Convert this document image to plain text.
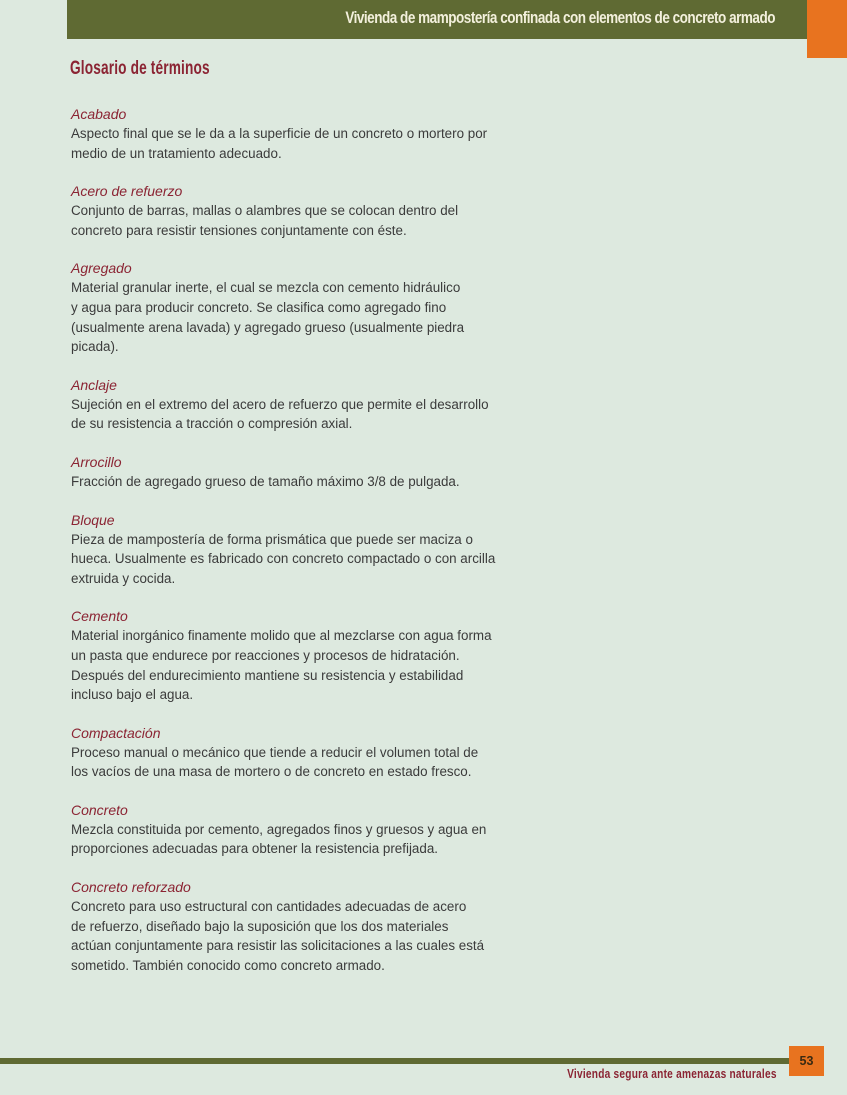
Vivienda de mampostería confinada con elementos de concreto armado
Glosario de términos

Acabado

Aspecto final que se le da a la superficie de un concreto o mortero por
medio de un tratamiento adecuado.

Acero de refuerzo

Conjunto de barras, mallas o alambres que se colocan dentro del
concreto para resistir tensiones conjuntamente con éste.

Agregado

Material granular inerte, el cual se mezcla con cemento hidráulico
y agua para producir concreto. Se clasifica como agregado fino
(usualmente arena lavada) y agregado grueso (usualmente piedra
picada).

Anclaje

Sujeción en el extremo del acero de refuerzo que permite el desarrollo
de su resistencia a tracción o compresión axial.

Arrocillo

Fracción de agregado grueso de tamaño máximo 3/8 de pulgada.

Bloque

Pieza de mampostería de forma prismática que puede ser maciza o
hueca. Usualmente es fabricado con concreto compactado o con arcilla
extruida y cocida.

Cemento

Material inorgánico finamente molido que al mezclarse con agua forma
un pasta que endurece por reacciones y procesos de hidratación.
Después del endurecimiento mantiene su resistencia y estabilidad
incluso bajo el agua.

Compactación

Proceso manual o mecánico que tiende a reducir el volumen total de
los vacíos de una masa de mortero o de concreto en estado fresco.

Concreto

Mezcla constituida por cemento, agregados finos y gruesos y agua en
proporciones adecuadas para obtener la resistencia prefijada.

Concreto reforzado

Concreto para uso estructural con cantidades adecuadas de acero
de refuerzo, diseñado bajo la suposición que los dos materiales
actúan conjuntamente para resistir las solicitaciones a las cuales está
sometido. También conocido como concreto armado.

Vivienda segura ante amenazas naturales
53
